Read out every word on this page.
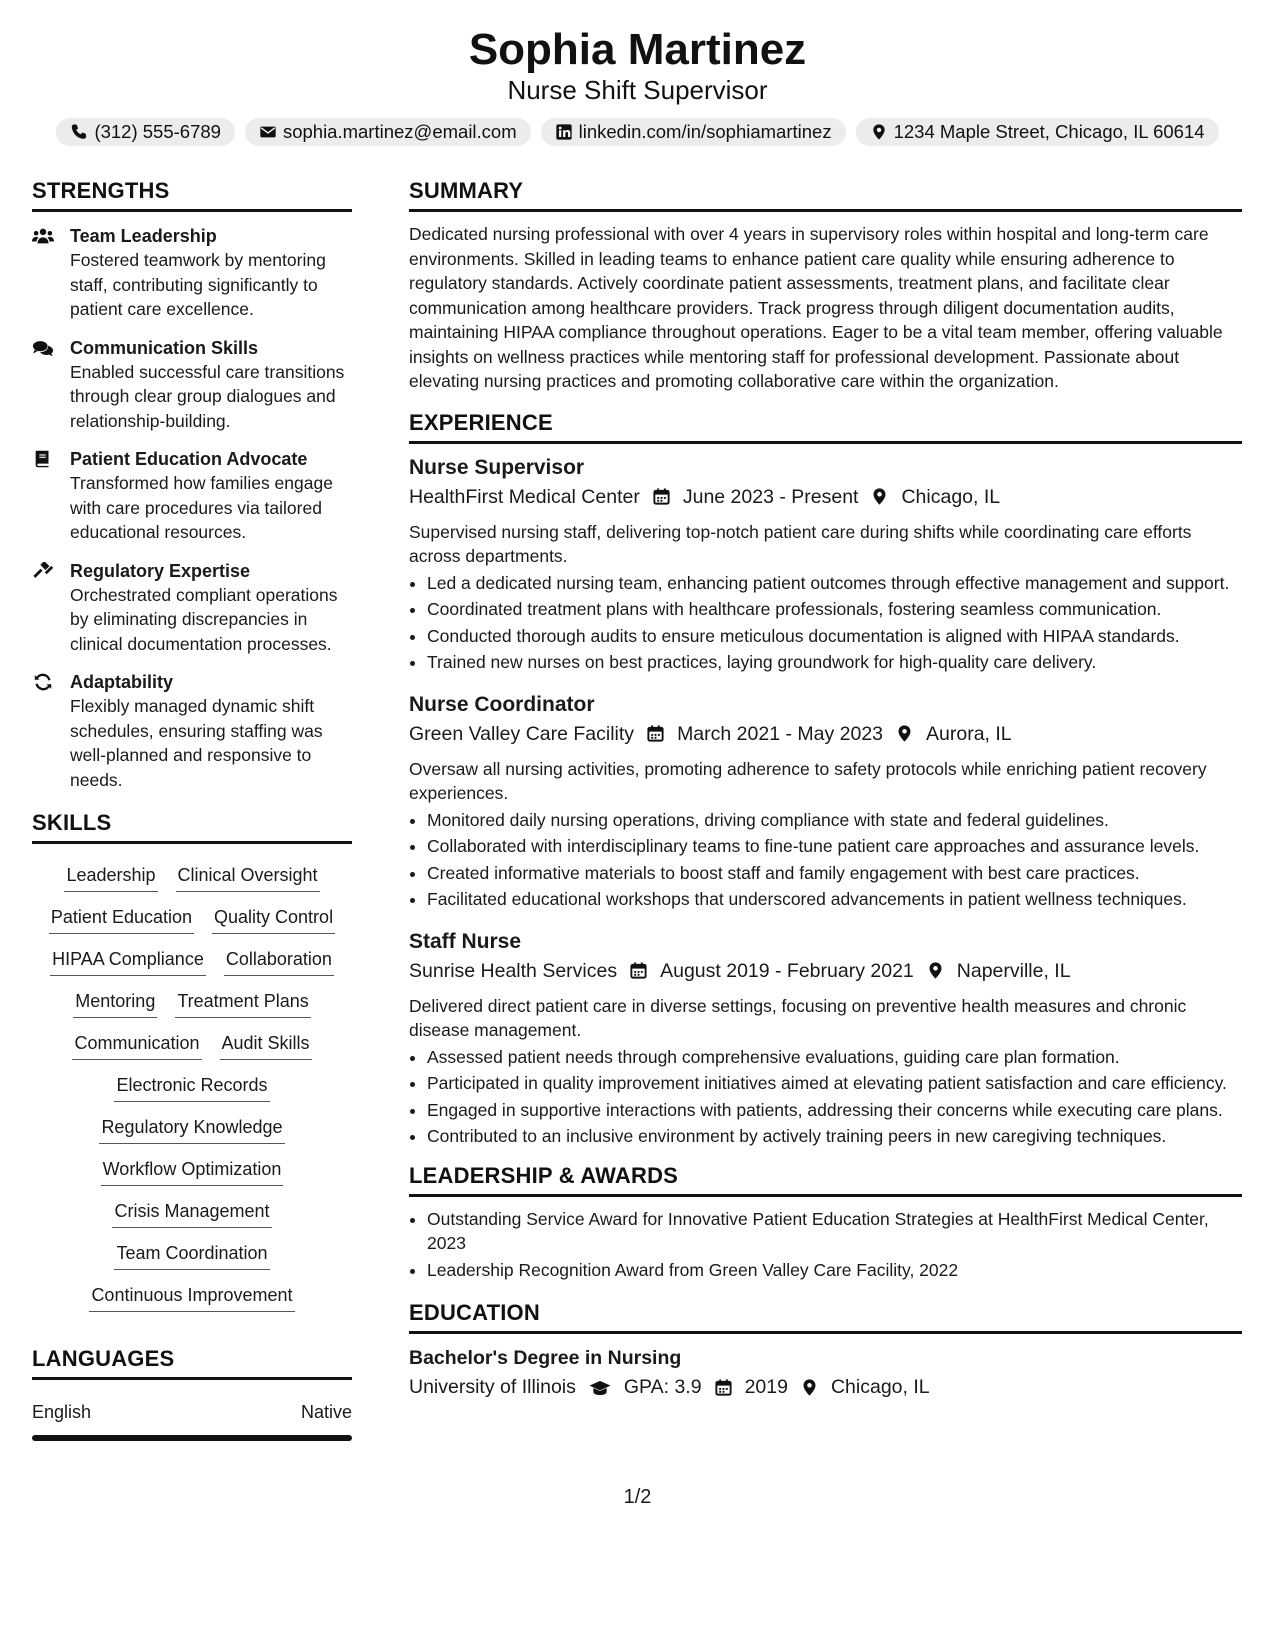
Sophia Martinez
Nurse Shift Supervisor
(312) 555-6789	sophia.martinez@email.com	linkedin.com/in/sophiamartinez	1234 Maple Street, Chicago, IL 60614
STRENGTHS
Team Leadership
Fostered teamwork by mentoring staff, contributing significantly to patient care excellence.
Communication Skills
Enabled successful care transitions through clear group dialogues and relationship-building.
Patient Education Advocate
Transformed how families engage with care procedures via tailored educational resources.
Regulatory Expertise
Orchestrated compliant operations by eliminating discrepancies in clinical documentation processes.
Adaptability
Flexibly managed dynamic shift schedules, ensuring staffing was well-planned and responsive to needs.
SKILLS
Leadership Clinical Oversight
Patient Education Quality Control
HIPAA Compliance Collaboration
Mentoring Treatment Plans
Communication Audit Skills
Electronic Records
Regulatory Knowledge
Workflow Optimization
Crisis Management
Team Coordination
Continuous Improvement
LANGUAGES
English	Native
SUMMARY

Dedicated nursing professional with over 4 years in supervisory roles within hospital and long-term care environments. Skilled in leading teams to enhance patient care quality while ensuring adherence to regulatory standards. Actively coordinate patient assessments, treatment plans, and facilitate clear communication among healthcare providers. Track progress through diligent documentation audits, maintaining HIPAA compliance throughout operations. Eager to be a vital team member, offering valuable insights on wellness practices while mentoring staff for professional development. Passionate about elevating nursing practices and promoting collaborative care within the organization.

EXPERIENCE
Nurse Supervisor
HealthFirst Medical Center June 2023 - Present Chicago, IL
Supervised nursing staff, delivering top-notch patient care during shifts while coordinating care efforts across departments.
• Led a dedicated nursing team, enhancing patient outcomes through effective management and support.
• Coordinated treatment plans with healthcare professionals, fostering seamless communication.
• Conducted thorough audits to ensure meticulous documentation is aligned with HIPAA standards.
• Trained new nurses on best practices, laying groundwork for high-quality care delivery.
Nurse Coordinator
Green Valley Care Facility March 2021 - May 2023 Aurora, IL
Oversaw all nursing activities, promoting adherence to safety protocols while enriching patient recovery experiences.
• Monitored daily nursing operations, driving compliance with state and federal guidelines.
• Collaborated with interdisciplinary teams to fine-tune patient care approaches and assurance levels.
• Created informative materials to boost staff and family engagement with best care practices.
• Facilitated educational workshops that underscored advancements in patient wellness techniques.
Staff Nurse
Sunrise Health Services August 2019 - February 2021 Naperville, IL
Delivered direct patient care in diverse settings, focusing on preventive health measures and chronic disease management.
• Assessed patient needs through comprehensive evaluations, guiding care plan formation.
• Participated in quality improvement initiatives aimed at elevating patient satisfaction and care efficiency.
• Engaged in supportive interactions with patients, addressing their concerns while executing care plans.
• Contributed to an inclusive environment by actively training peers in new caregiving techniques.
LEADERSHIP & AWARDS
• Outstanding Service Award for Innovative Patient Education Strategies at HealthFirst Medical Center, 2023
• Leadership Recognition Award from Green Valley Care Facility, 2022
EDUCATION
Bachelor's Degree in Nursing
University of Illinois GPA: 3.9 2019 Chicago, IL
1/2
